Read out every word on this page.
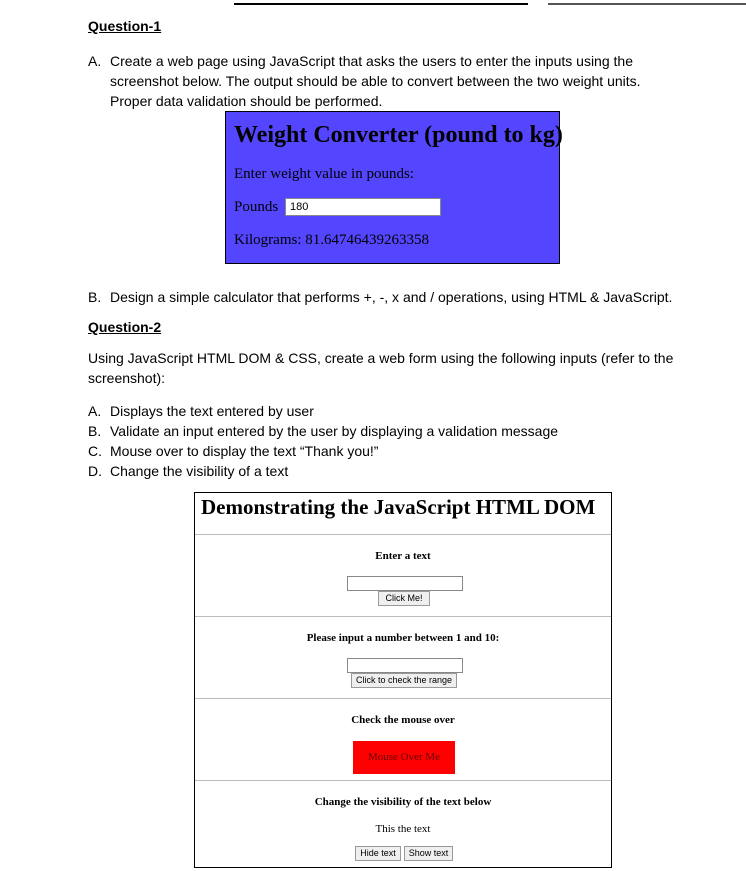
Question-1
A. Create a web page using JavaScript that asks the users to enter the inputs using the screenshot below. The output should be able to convert between the two weight units. Proper data validation should be performed.
Weight Converter (pound to kg)
Enter weight value in pounds:
Pounds	180
Kilograms: 81.64746439263358
B. Design a simple calculator that performs +, -, x and / operations, using HTML & JavaScript.
Question-2
Using JavaScript HTML DOM & CSS, create a web form using the following inputs (refer to the screenshot):
A. Displays the text entered by user
B. Validate an input entered by the user by displaying a validation message
C. Mouse over to display the text “Thank you!”
D. Change the visibility of a text
Demonstrating the JavaScript HTML DOM
Enter a text
Click Me!
Please input a number between 1 and 10:
Click to check the range
Check the mouse over
Mouse Over Me
Change the visibility of the text below
This the text
Hide text	Show text
